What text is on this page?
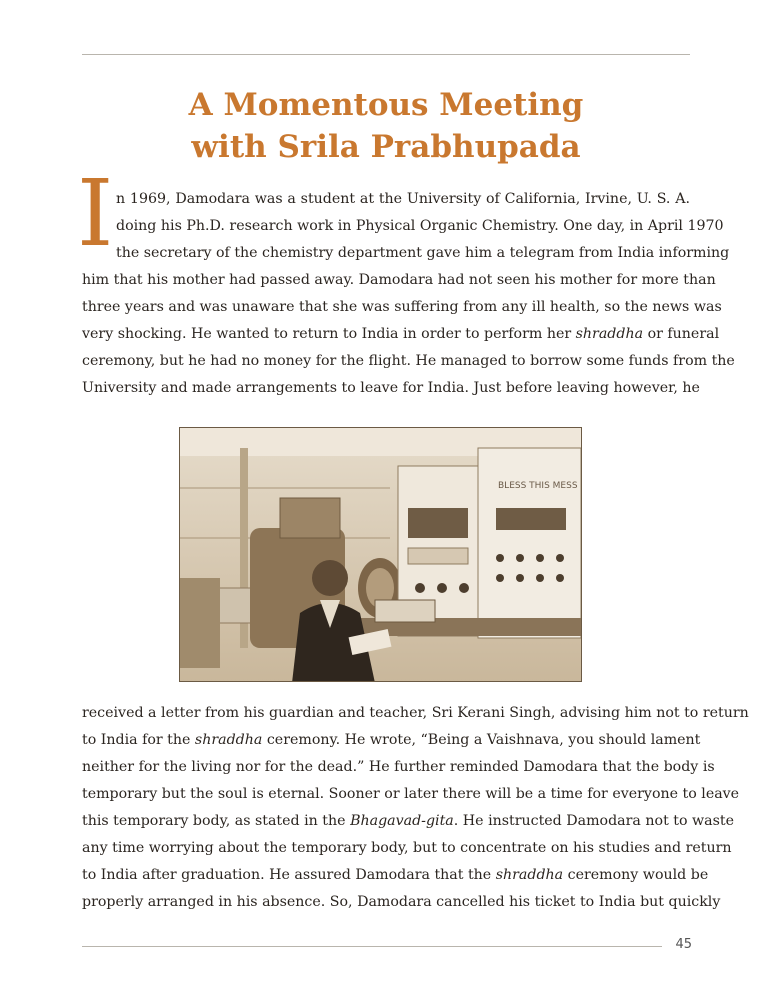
A Momentous Meeting
with Srila Prabhupada
I n 1969, Damodara was a student at the University of California, Irvine, U. S. A.
doing his Ph.D. research work in Physical Organic Chemistry. One day, in April 1970
the secretary of the chemistry department gave him a telegram from India informing
him that his mother had passed away. Damodara had not seen his mother for more than
three years and was unaware that she was suffering from any ill health, so the news was
very shocking. He wanted to return to India in order to perform her shraddha or funeral
ceremony, but he had no money for the flight. He managed to borrow some funds from the
University and made arrangements to leave for India. Just before leaving however, he
BLESS THIS MESS
received a letter from his guardian and teacher, Sri Kerani Singh, advising him not to return
to India for the shraddha ceremony. He wrote, “Being a Vaishnava, you should lament
neither for the living nor for the dead.” He further reminded Damodara that the body is
temporary but the soul is eternal. Sooner or later there will be a time for everyone to leave
this temporary body, as stated in the Bhagavad-gita. He instructed Damodara not to waste
any time worrying about the temporary body, but to concentrate on his studies and return
to India after graduation. He assured Damodara that the shraddha ceremony would be
properly arranged in his absence. So, Damodara cancelled his ticket to India but quickly
45
